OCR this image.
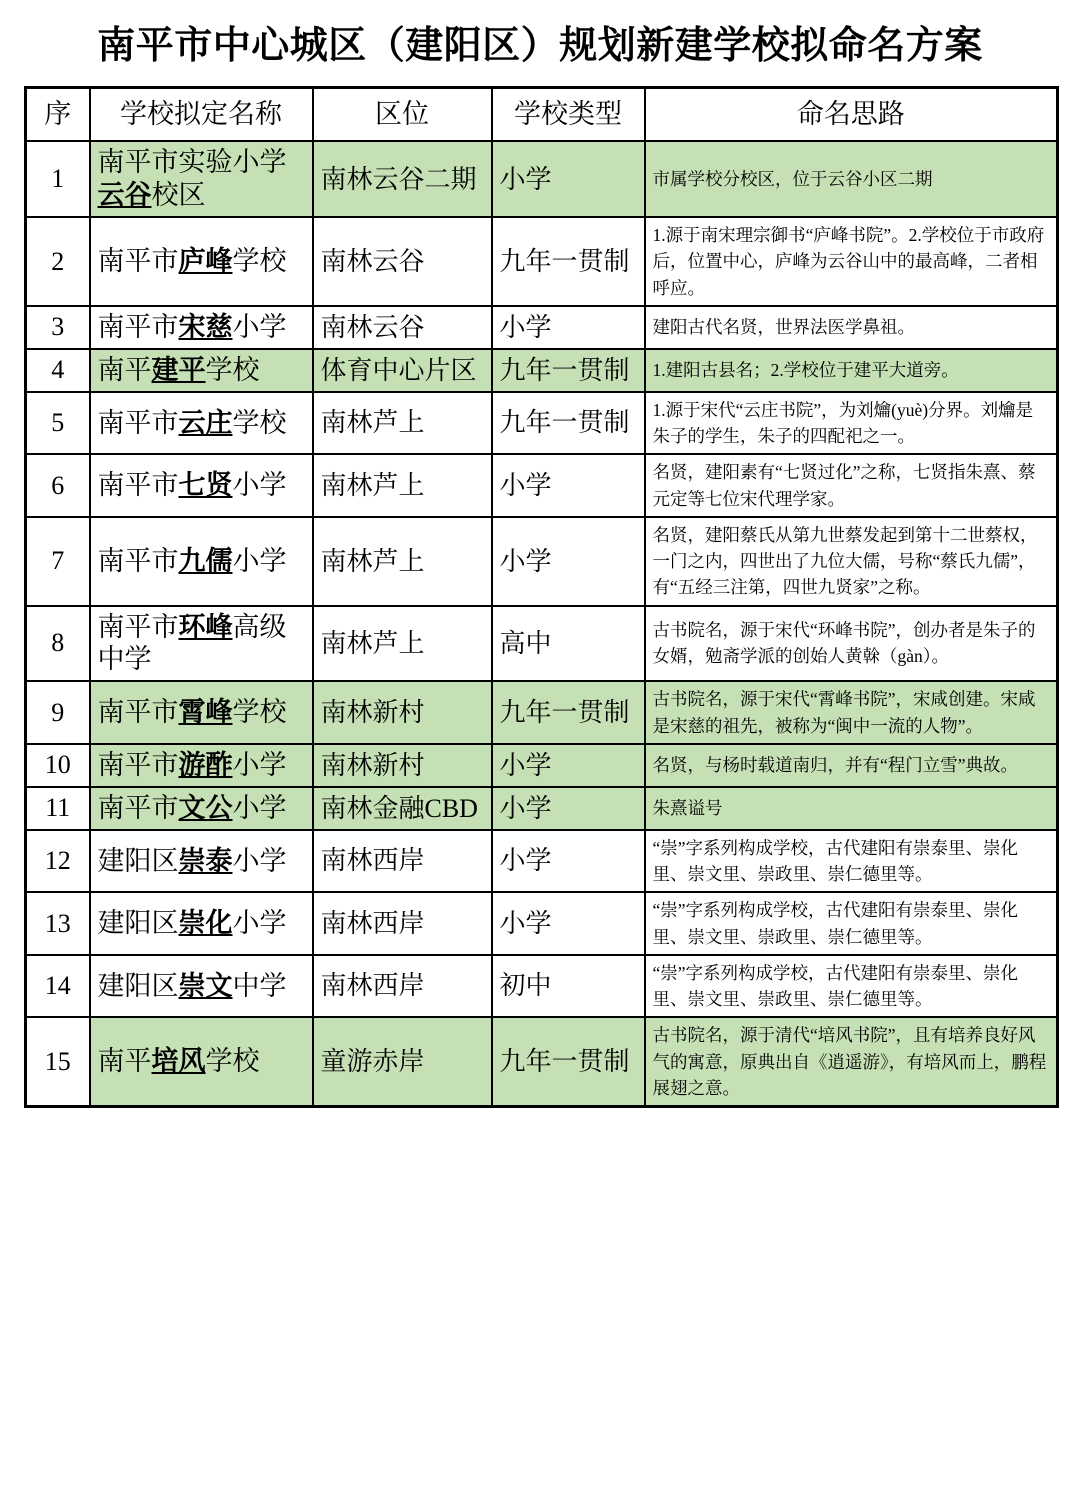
南平市中心城区（建阳区）规划新建学校拟命名方案
序	学校拟定名称	区位	学校类型	命名思路
1	南平市实验小学云谷校区	南林云谷二期	小学	市属学校分校区，位于云谷小区二期
2	南平市庐峰学校	南林云谷	九年一贯制	1.源于南宋理宗御书“庐峰书院”。2.学校位于市政府后，位置中心，庐峰为云谷山中的最高峰，二者相呼应。
3	南平市宋慈小学	南林云谷	小学	建阳古代名贤，世界法医学鼻祖。
4	南平建平学校	体育中心片区	九年一贯制	1.建阳古县名；2.学校位于建平大道旁。
5	南平市云庄学校	南林芦上	九年一贯制	1.源于宋代“云庄书院”，为刘爚(yuè)分界。刘爚是朱子的学生，朱子的四配祀之一。
6	南平市七贤小学	南林芦上	小学	名贤，建阳素有“七贤过化”之称，七贤指朱熹、蔡元定等七位宋代理学家。
7	南平市九儒小学	南林芦上	小学	名贤，建阳蔡氏从第九世蔡发起到第十二世蔡权，一门之内，四世出了九位大儒，号称“蔡氏九儒”，有“五经三注第，四世九贤家”之称。
8	南平市环峰高级中学	南林芦上	高中	古书院名，源于宋代“环峰书院”，创办者是朱子的女婿，勉斋学派的创始人黄榦（gàn）。
9	南平市霄峰学校	南林新村	九年一贯制	古书院名，源于宋代“霄峰书院”，宋咸创建。宋咸是宋慈的祖先，被称为“闽中一流的人物”。
10	南平市游酢小学	南林新村	小学	名贤，与杨时载道南归，并有“程门立雪”典故。
11	南平市文公小学	南林金融CBD	小学	朱熹谥号
12	建阳区崇泰小学	南林西岸	小学	“崇”字系列构成学校，古代建阳有崇泰里、崇化里、崇文里、崇政里、崇仁德里等。
13	建阳区崇化小学	南林西岸	小学	“崇”字系列构成学校，古代建阳有崇泰里、崇化里、崇文里、崇政里、崇仁德里等。
14	建阳区崇文中学	南林西岸	初中	“崇”字系列构成学校，古代建阳有崇泰里、崇化里、崇文里、崇政里、崇仁德里等。
15	南平培风学校	童游赤岸	九年一贯制	古书院名，源于清代“培风书院”，且有培养良好风气的寓意，原典出自《逍遥游》，有培风而上，鹏程展翅之意。
